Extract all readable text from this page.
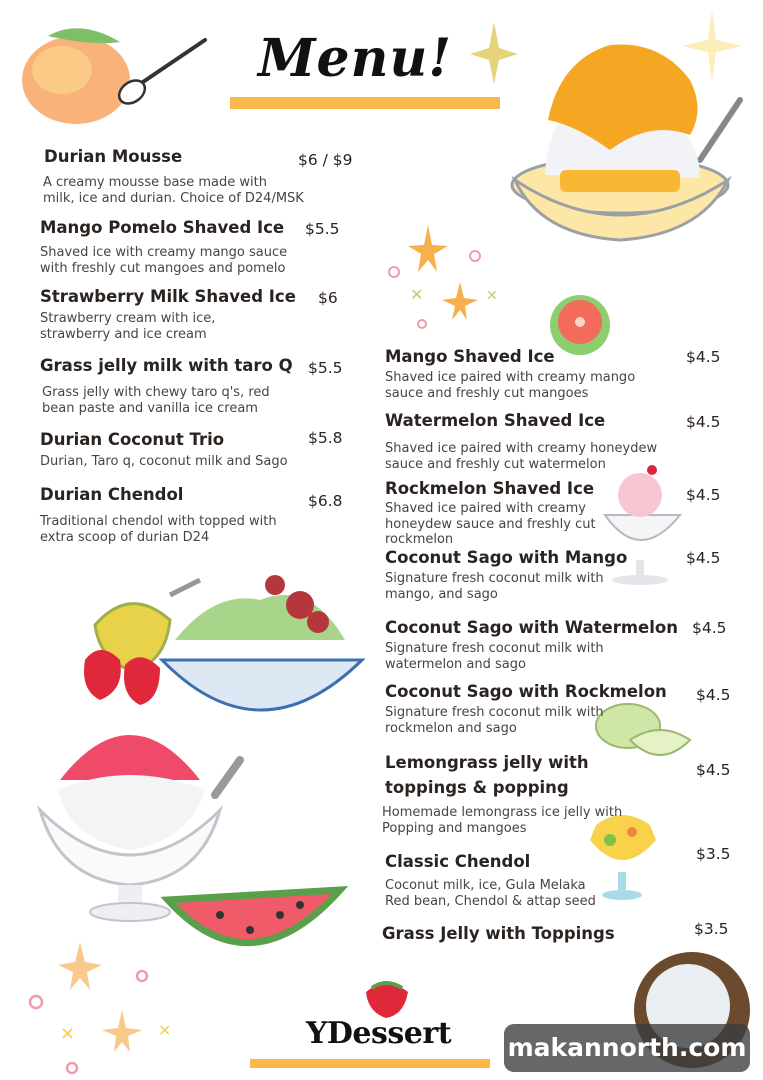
✕	✕
✕	✕
Menu!
Durian Mousse	$6 / $9
A creamy mousse base made with
milk, ice and durian. Choice of D24/MSK
Mango Pomelo Shaved Ice $5.5
Shaved ice with creamy mango sauce
with freshly cut mangoes and pomelo
Strawberry Milk Shaved Ice $6
Strawberry cream with ice,
strawberry and ice cream
Grass jelly milk with taro Q $5.5
Grass jelly with chewy taro q's, red
bean paste and vanilla ice cream
Durian Coconut Trio	$5.8
Durian, Taro q, coconut milk and Sago
Durian Chendol	$6.8
Traditional chendol with topped with
extra scoop of durian D24
Mango Shaved Ice	$4.5
Shaved ice paired with creamy mango
sauce and freshly cut mangoes
Watermelon Shaved Ice	$4.5
Shaved ice paired with creamy honeydew
sauce and freshly cut watermelon
Rockmelon Shaved Ice	$4.5
Shaved ice paired with creamy
honeydew sauce and freshly cut
rockmelon
Coconut Sago with Mango	$4.5
Signature fresh coconut milk with
mango, and sago
Coconut Sago with Watermelon $4.5
Signature fresh coconut milk with
watermelon and sago
Coconut Sago with Rockmelon $4.5
Signature fresh coconut milk with
rockmelon and sago
Lemongrass jelly with
toppings & popping
$4.5
Homemade lemongrass ice jelly with
Popping and mangoes
Classic Chendol	$3.5
Coconut milk, ice, Gula Melaka
Red bean, Chendol & attap seed
Grass Jelly with Toppings	$3.5
YDessert makannorth.com
